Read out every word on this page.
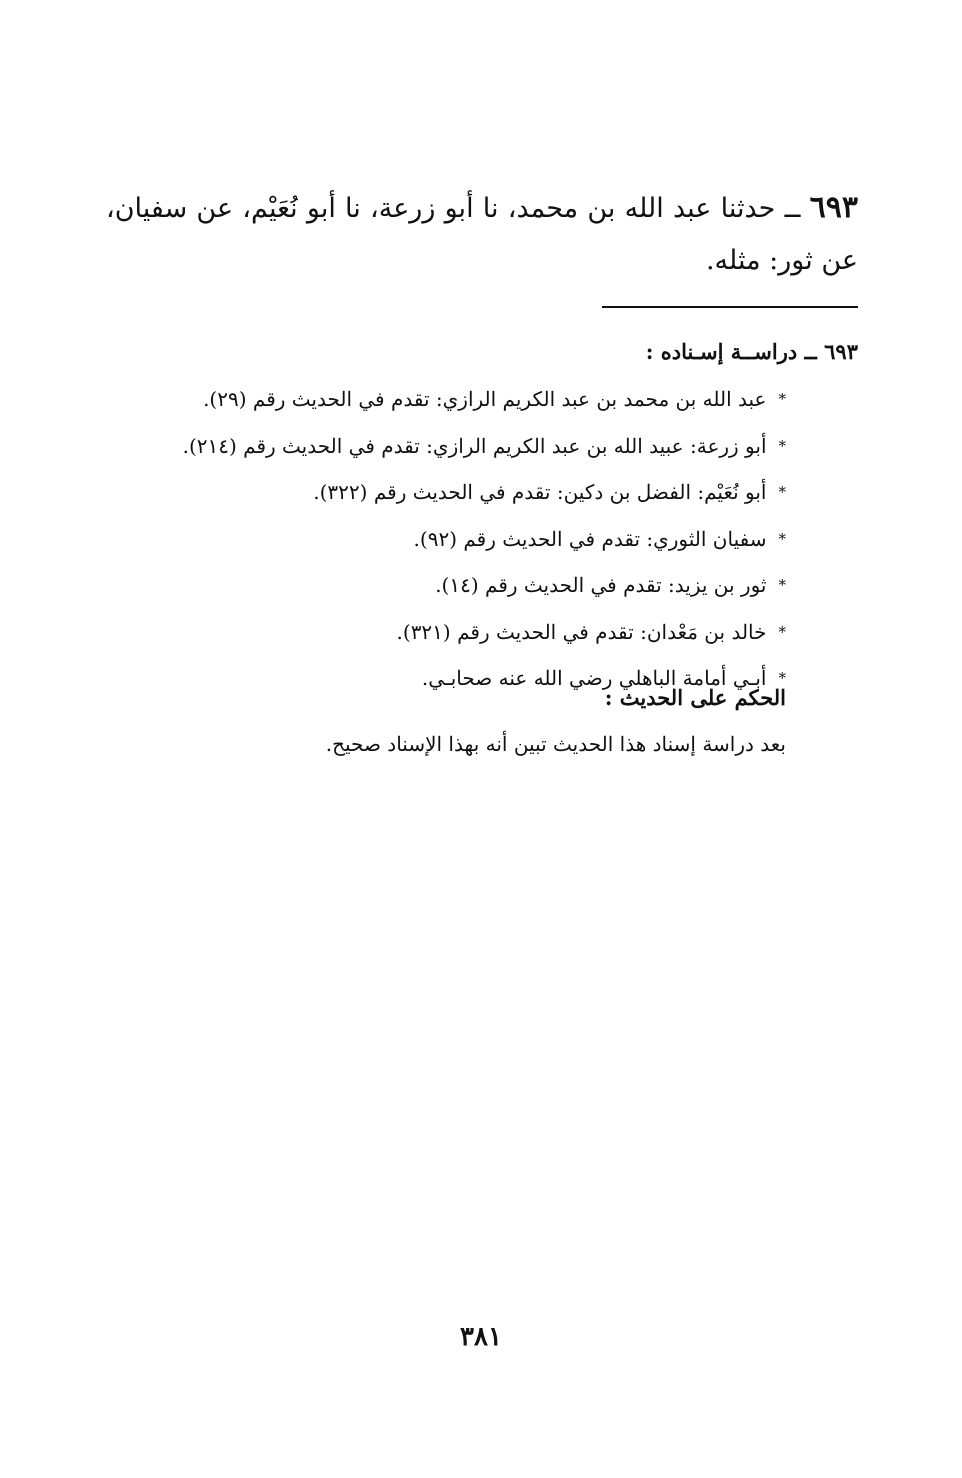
٦٩٣ ــ حدثنا عبد الله بن محمد، نا أبو زرعة، نا أبو نُعَيْم، عن سفيان، عن ثور: مثله.

٦٩٣ ــ دراســة إسـناده :
*عبد الله بن محمد بن عبد الكريم الرازي: تقدم في الحديث رقم (٢٩).
*أبو زرعة: عبيد الله بن عبد الكريم الرازي: تقدم في الحديث رقم (٢١٤).
*أبو نُعَيْم: الفضل بن دكين: تقدم في الحديث رقم (٣٢٢).
*سفيان الثوري: تقدم في الحديث رقم (٩٢).
*ثور بن يزيد: تقدم في الحديث رقم (١٤).
*خالد بن مَعْدان: تقدم في الحديث رقم (٣٢١).
*أبـي أمامة الباهلي رضي الله عنه صحابـي.
الحكم على الحديث :
بعد دراسة إسناد هذا الحديث تبين أنه بهذا الإسناد صحيح.
٣٨١
